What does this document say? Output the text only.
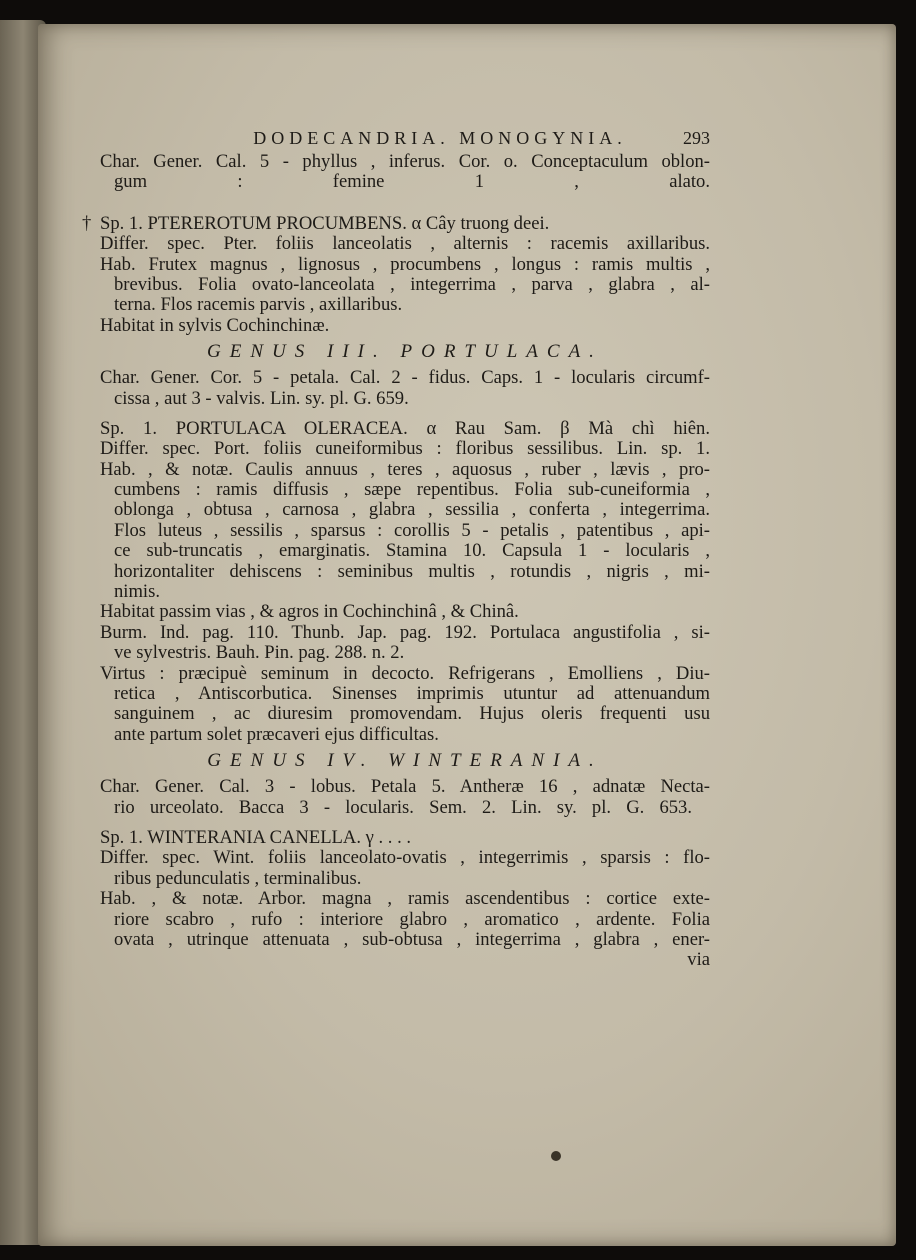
DODECANDRIA. MONOGYNIA.	293
Char. Gener. Cal. 5 - phyllus , inferus. Cor. o. Conceptaculum oblon-
gum : femine 1 , alato.
† Sp. 1. PTEREROTUM PROCUMBENS. α Cây truong deei.
Differ. spec. Pter. foliis lanceolatis , alternis : racemis axillaribus.
Hab. Frutex magnus , lignosus , procumbens , longus : ramis multis ,
brevibus. Folia ovato-lanceolata , integerrima , parva , glabra , al-
terna. Flos racemis parvis , axillaribus.
Habitat in sylvis Cochinchinæ.
GENUS III. PORTULACA.
Char. Gener. Cor. 5 - petala. Cal. 2 - fidus. Caps. 1 - locularis circumf-
cissa , aut 3 - valvis. Lin. sy. pl. G. 659.
Sp. 1. PORTULACA OLERACEA. α Rau Sam. β Mà chì hiên.
Differ. spec. Port. foliis cuneiformibus : floribus sessilibus. Lin. sp. 1.
Hab. , & notæ. Caulis annuus , teres , aquosus , ruber , lævis , pro-
cumbens : ramis diffusis , sæpe repentibus. Folia sub-cuneiformia ,
oblonga , obtusa , carnosa , glabra , sessilia , conferta , integerrima.
Flos luteus , sessilis , sparsus : corollis 5 - petalis , patentibus , api-
ce sub-truncatis , emarginatis. Stamina 10. Capsula 1 - locularis ,
horizontaliter dehiscens : seminibus multis , rotundis , nigris , mi-
nimis.
Habitat passim vias , & agros in Cochinchinâ , & Chinâ.
Burm. Ind. pag. 110. Thunb. Jap. pag. 192. Portulaca angustifolia , si-
ve sylvestris. Bauh. Pin. pag. 288. n. 2.
Virtus : præcipuè seminum in decocto. Refrigerans , Emolliens , Diu-
retica , Antiscorbutica. Sinenses imprimis utuntur ad attenuandum
sanguinem , ac diuresim promovendam. Hujus oleris frequenti usu
ante partum solet præcaveri ejus difficultas.
GENUS IV. WINTERANIA.
Char. Gener. Cal. 3 - lobus. Petala 5. Antheræ 16 , adnatæ Necta-
rio urceolato. Bacca 3 - locularis. Sem. 2. Lin. sy. pl. G. 653.
Sp. 1. WINTERANIA CANELLA. γ . . . .
Differ. spec. Wint. foliis lanceolato-ovatis , integerrimis , sparsis : flo-
ribus pedunculatis , terminalibus.
Hab. , & notæ. Arbor. magna , ramis ascendentibus : cortice exte-
riore scabro , rufo : interiore glabro , aromatico , ardente. Folia
ovata , utrinque attenuata , sub-obtusa , integerrima , glabra , ener-
via
